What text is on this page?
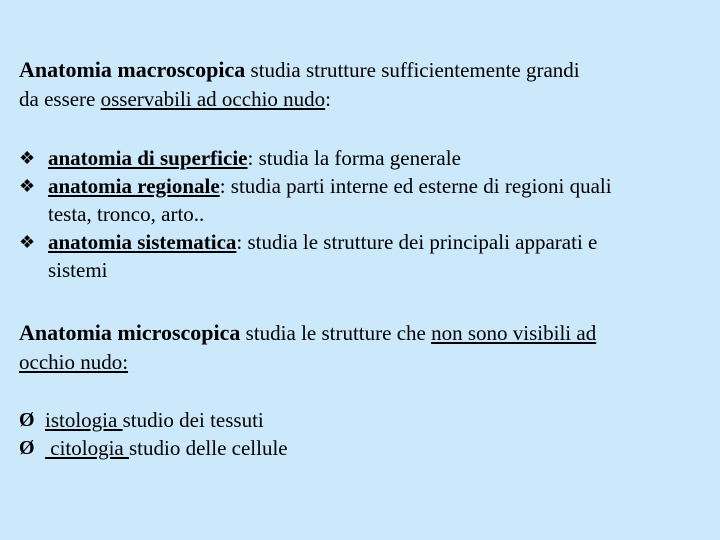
Anatomia macroscopica studia strutture sufficientemente grandi
da essere osservabili ad occhio nudo:
❖ anatomia di superficie: studia la forma generale
❖ anatomia regionale: studia parti interne ed esterne di regioni quali
testa, tronco, arto..
❖ anatomia sistematica: studia le strutture dei principali apparati e
sistemi
Anatomia microscopica studia le strutture che non sono visibili ad
occhio nudo:
Ø istologia studio dei tessuti
Ø citologia studio delle cellule
